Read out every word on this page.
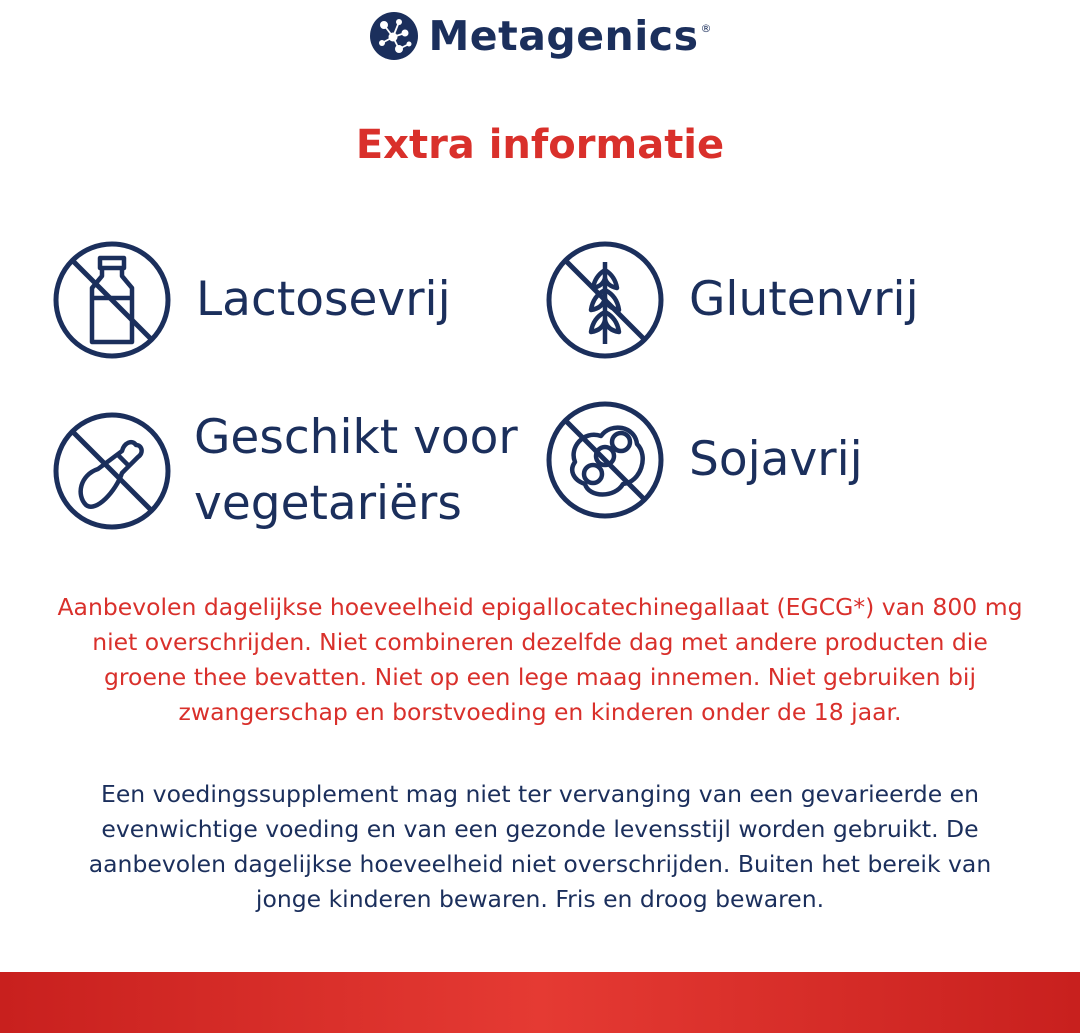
Metagenics ®
Extra informatie
Lactosevrij	Glutenvrij
Geschikt voor
vegetariërs
Sojavrij
Aanbevolen dagelijkse hoeveelheid epigallocatechinegallaat (EGCG*) van 800 mg
niet overschrijden. Niet combineren dezelfde dag met andere producten die
groene thee bevatten. Niet op een lege maag innemen. Niet gebruiken bij
zwangerschap en borstvoeding en kinderen onder de 18 jaar.
Een voedingssupplement mag niet ter vervanging van een gevarieerde en
evenwichtige voeding en van een gezonde levensstijl worden gebruikt. De
aanbevolen dagelijkse hoeveelheid niet overschrijden. Buiten het bereik van
jonge kinderen bewaren. Fris en droog bewaren.
